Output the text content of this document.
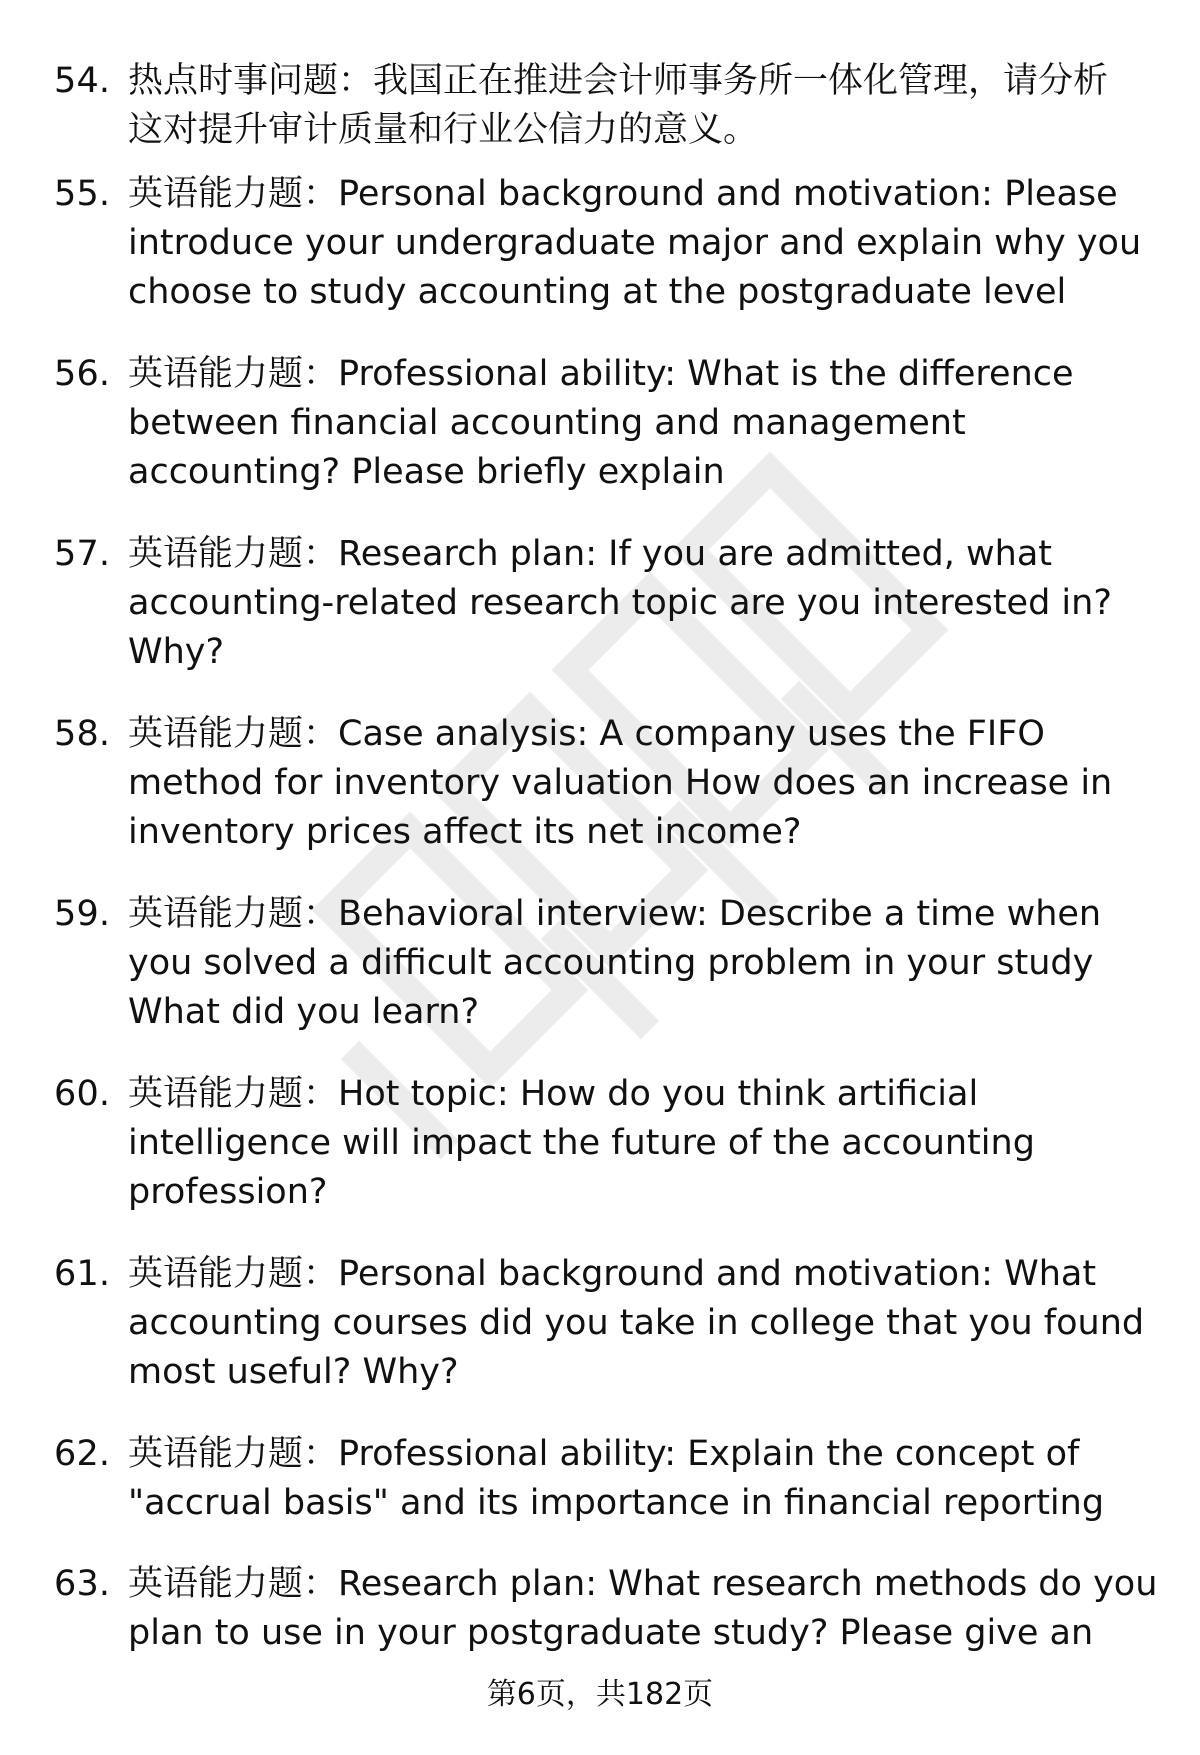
54. 热点时事问题：我国正在推进会计师事务所一体化管理，请分析
这对提升审计质量和行业公信力的意义。
55. 英语能力题：Personal background and motivation: Please
introduce your undergraduate major and explain why you
choose to study accounting at the postgraduate level
56. 英语能力题：Professional ability: What is the difference
between financial accounting and management
accounting? Please briefly explain
57. 英语能力题：Research plan: If you are admitted, what
accounting-related research topic are you interested in?
Why?
58. 英语能力题：Case analysis: A company uses the FIFO
method for inventory valuation How does an increase in
inventory prices affect its net income?
59. 英语能力题：Behavioral interview: Describe a time when
you solved a difficult accounting problem in your study
What did you learn?
60. 英语能力题：Hot topic: How do you think artificial
intelligence will impact the future of the accounting
profession?
61. 英语能力题：Personal background and motivation: What
accounting courses did you take in college that you found
most useful? Why?
62. 英语能力题：Professional ability: Explain the concept of
"accrual basis" and its importance in financial reporting
63. 英语能力题：Research plan: What research methods do you
plan to use in your postgraduate study? Please give an
第6页，共182页
